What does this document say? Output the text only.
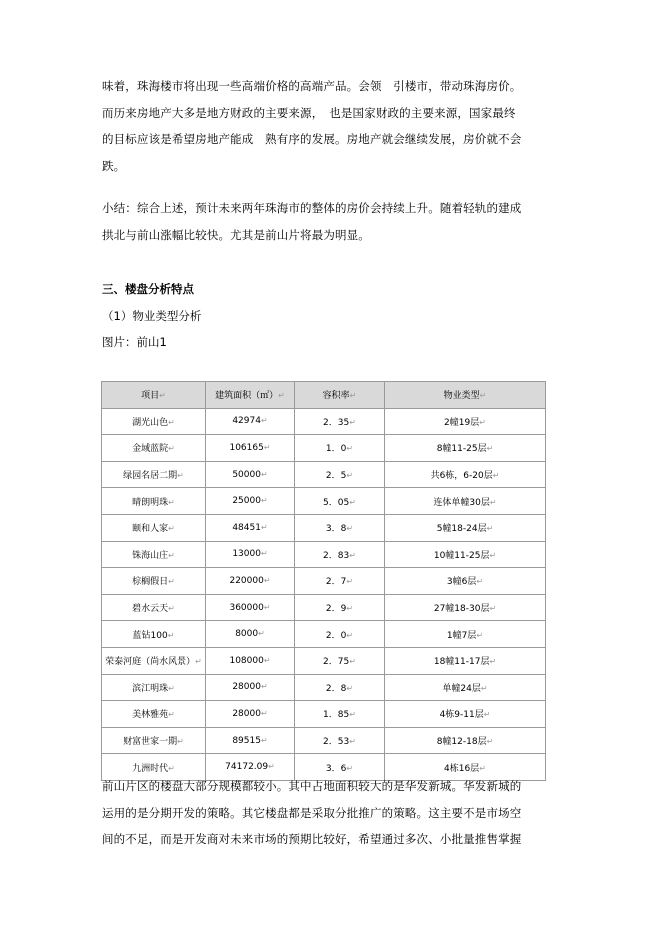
味着，珠海楼市将出现一些高端价格的高端产品。会领　引楼市，带动珠海房价。
而历来房地产大多是地方财政的主要来源，　也是国家财政的主要来源，国家最终
的目标应该是希望房地产能成　熟有序的发展。房地产就会继续发展，房价就不会
跌。
小结：综合上述，预计未来两年珠海市的整体的房价会持续上升。随着轻轨的建成
拱北与前山涨幅比较快。尤其是前山片将最为明显。
三、楼盘分析特点
（1）物业类型分析
图片：前山1
项目↵	建筑面积（㎡）↵	容积率↵	物业类型↵
湖光山色↵	42974↵	2．35↵	2幢19层↵
金域蓝院↵	106165↵	1．0↵	8幢11-25层↵
绿园名居二期↵	50000↵	2．5↵	共6栋，6-20层↵
晴朗明珠↵	25000↵	5．05↵	连体单幢30层↵
颐和人家↵	48451↵	3．8↵	5幢18-24层↵
铢海山庄↵	13000↵	2．83↵	10幢11-25层↵
棕榈假日↵	220000↵	2．7↵	3幢6层↵
碧水云天↵	360000↵	2．9↵	27幢18-30层↵
蓝钻100↵	8000↵	2．0↵	1幢7层↵
荣泰河庭（尚水风景）↵	108000↵	2．75↵	18幢11-17层↵
滨江明珠↵	28000↵	2．8↵	单幢24层↵
美林雅苑↵	28000↵	1．85↵	4栋9-11层↵
财富世家一期↵	89515↵	2．53↵	8幢12-18层↵
九洲时代↵	74172.09↵	3．6↵	4栋16层↵
前山片区的楼盘大部分规模都较小。其中占地面积较大的是华发新城。华发新城的
运用的是分期开发的策略。其它楼盘都是采取分批推广的策略。这主要不是市场空
间的不足，而是开发商对未来市场的预期比较好，希望通过多次、小批量推售掌握
